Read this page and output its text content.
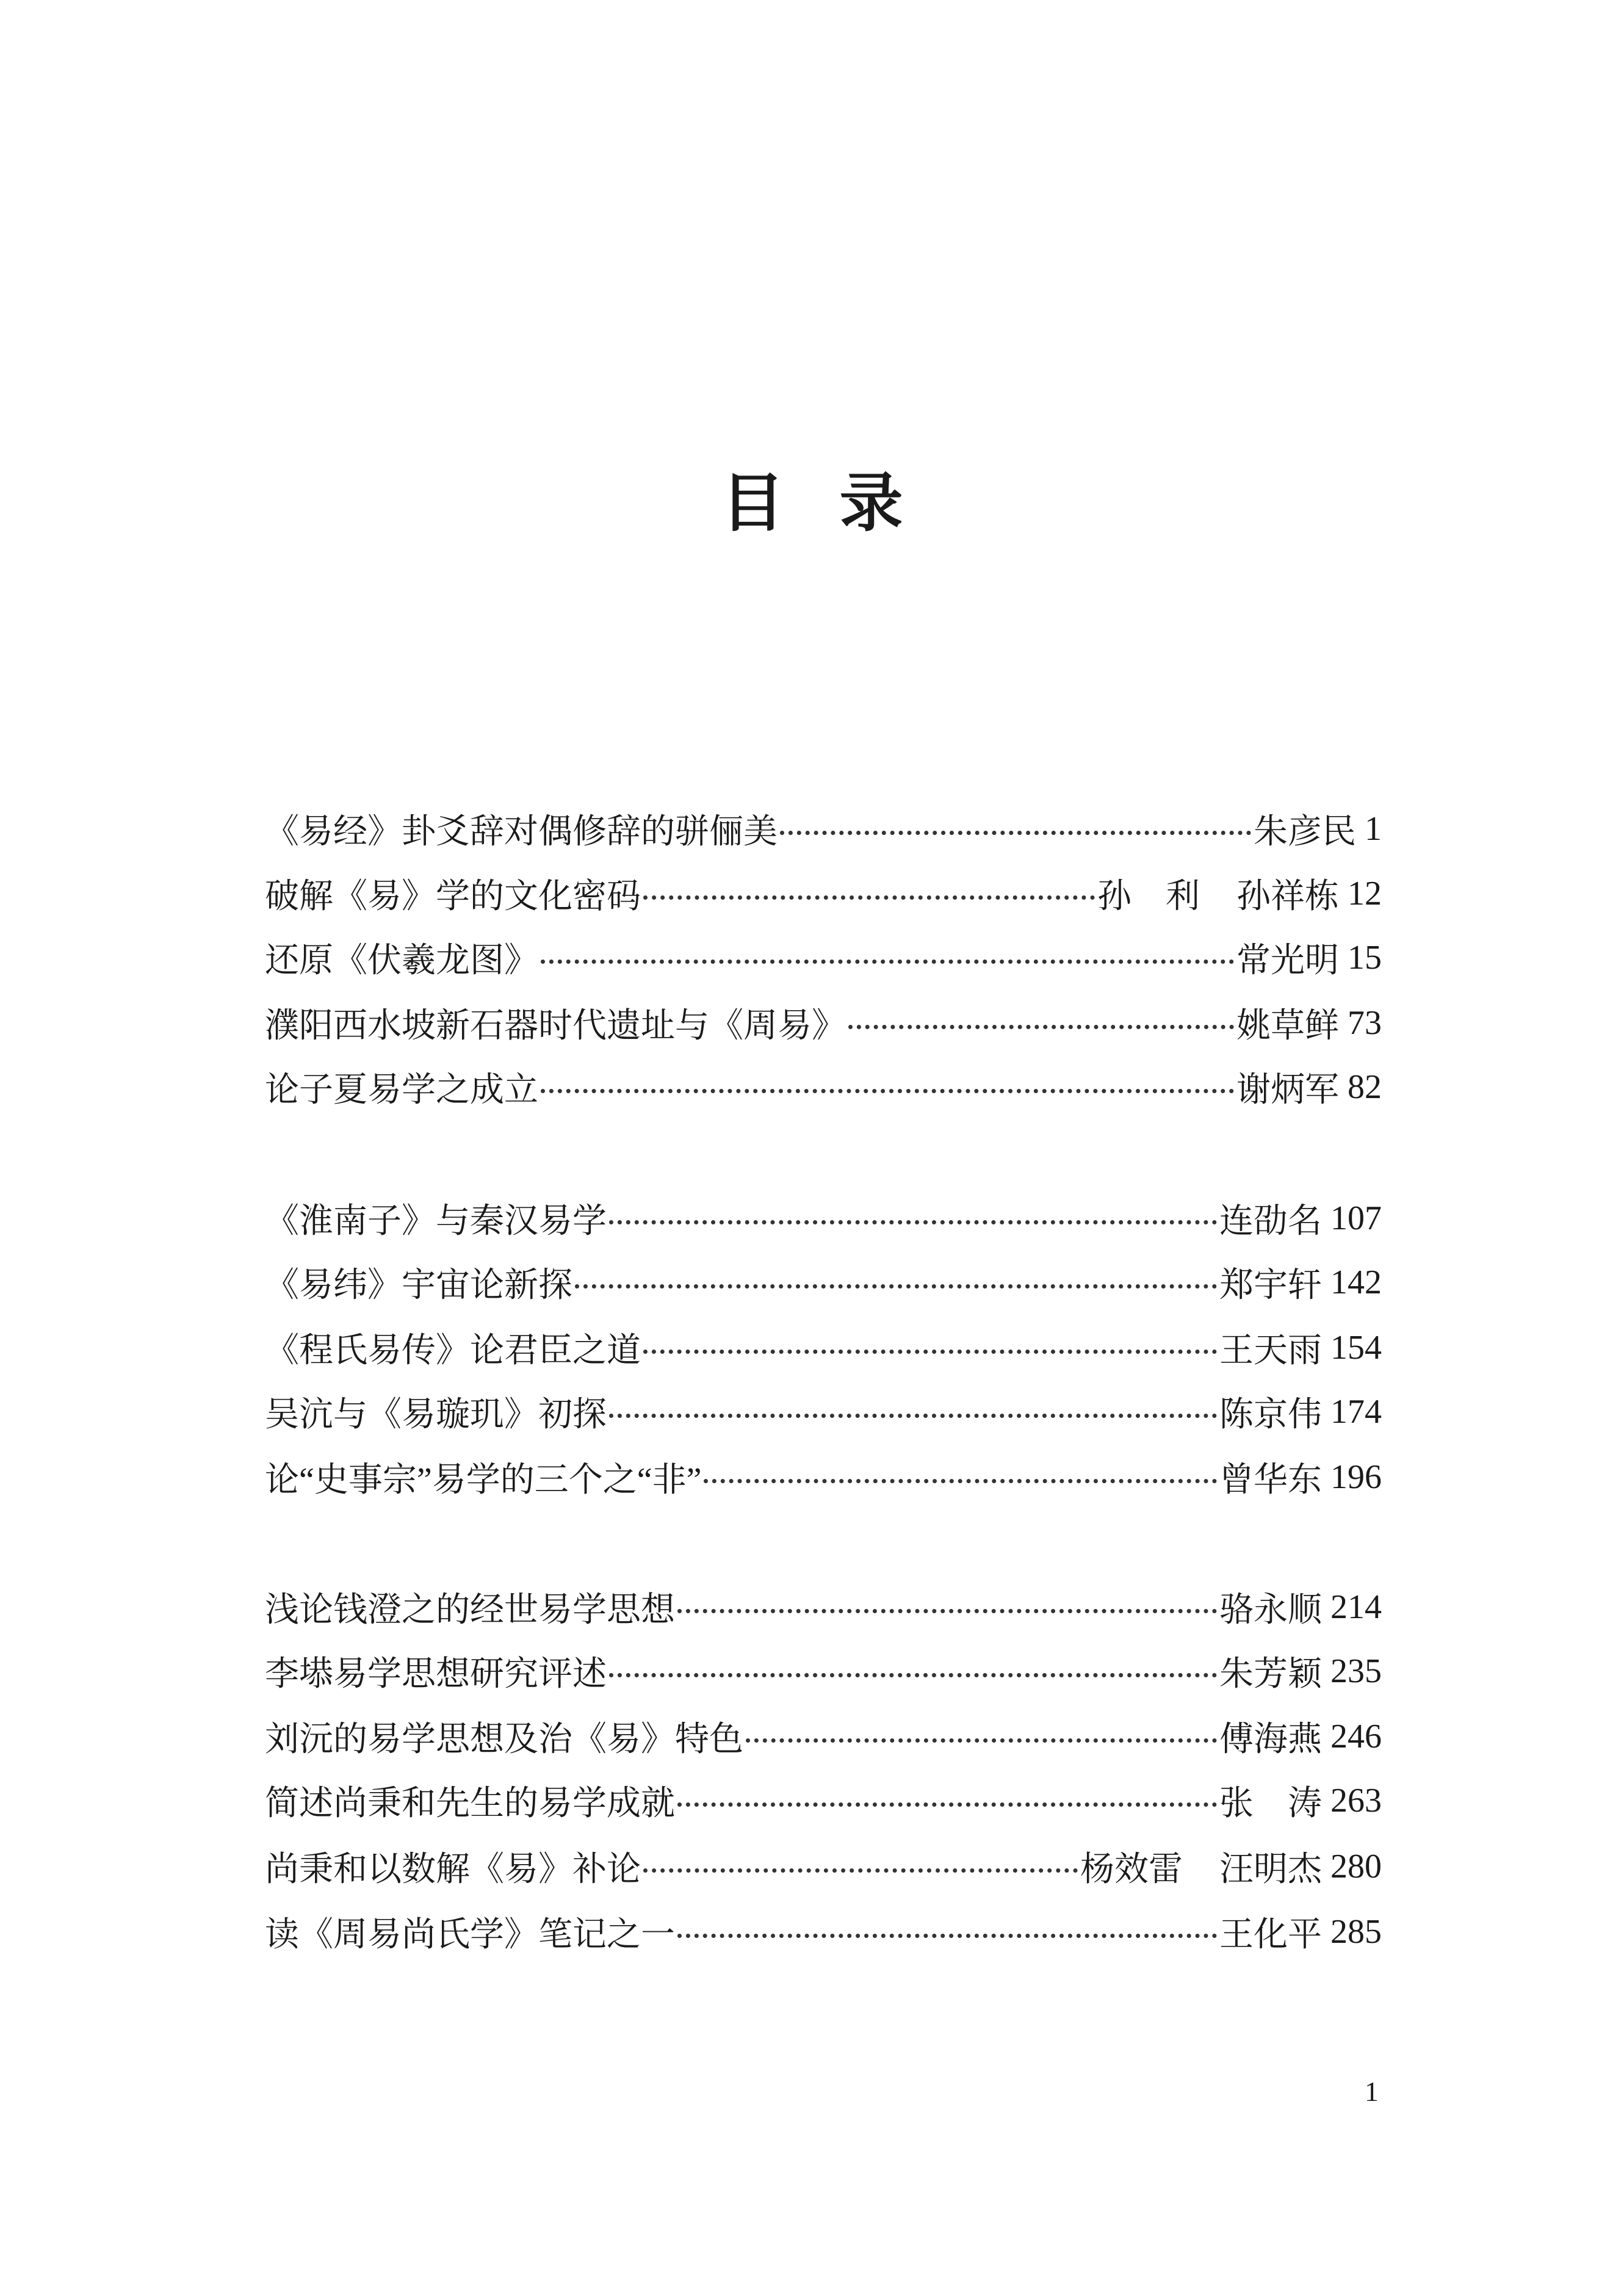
目录
《易经》卦爻辞对偶修辞的骈俪美	朱彦民 1
破解《易》学的文化密码	孙　利 孙祥栋 12
还原《伏羲龙图》	常光明 15
濮阳西水坡新石器时代遗址与《周易》	姚草鲜 73
论子夏易学之成立	谢炳军 82
《淮南子》与秦汉易学	连劭名 107
《易纬》宇宙论新探	郑宇轩 142
《程氏易传》论君臣之道	王天雨 154
吴沆与《易璇玑》初探	陈京伟 174
论“史事宗”易学的三个之“非”	曾华东 196
浅论钱澄之的经世易学思想	骆永顺 214
李塨易学思想研究评述	朱芳颖 235
刘沅的易学思想及治《易》特色	傅海燕 246
简述尚秉和先生的易学成就	张　涛 263
尚秉和以数解《易》补论	杨效雷 汪明杰 280
读《周易尚氏学》笔记之一	王化平 285
1
